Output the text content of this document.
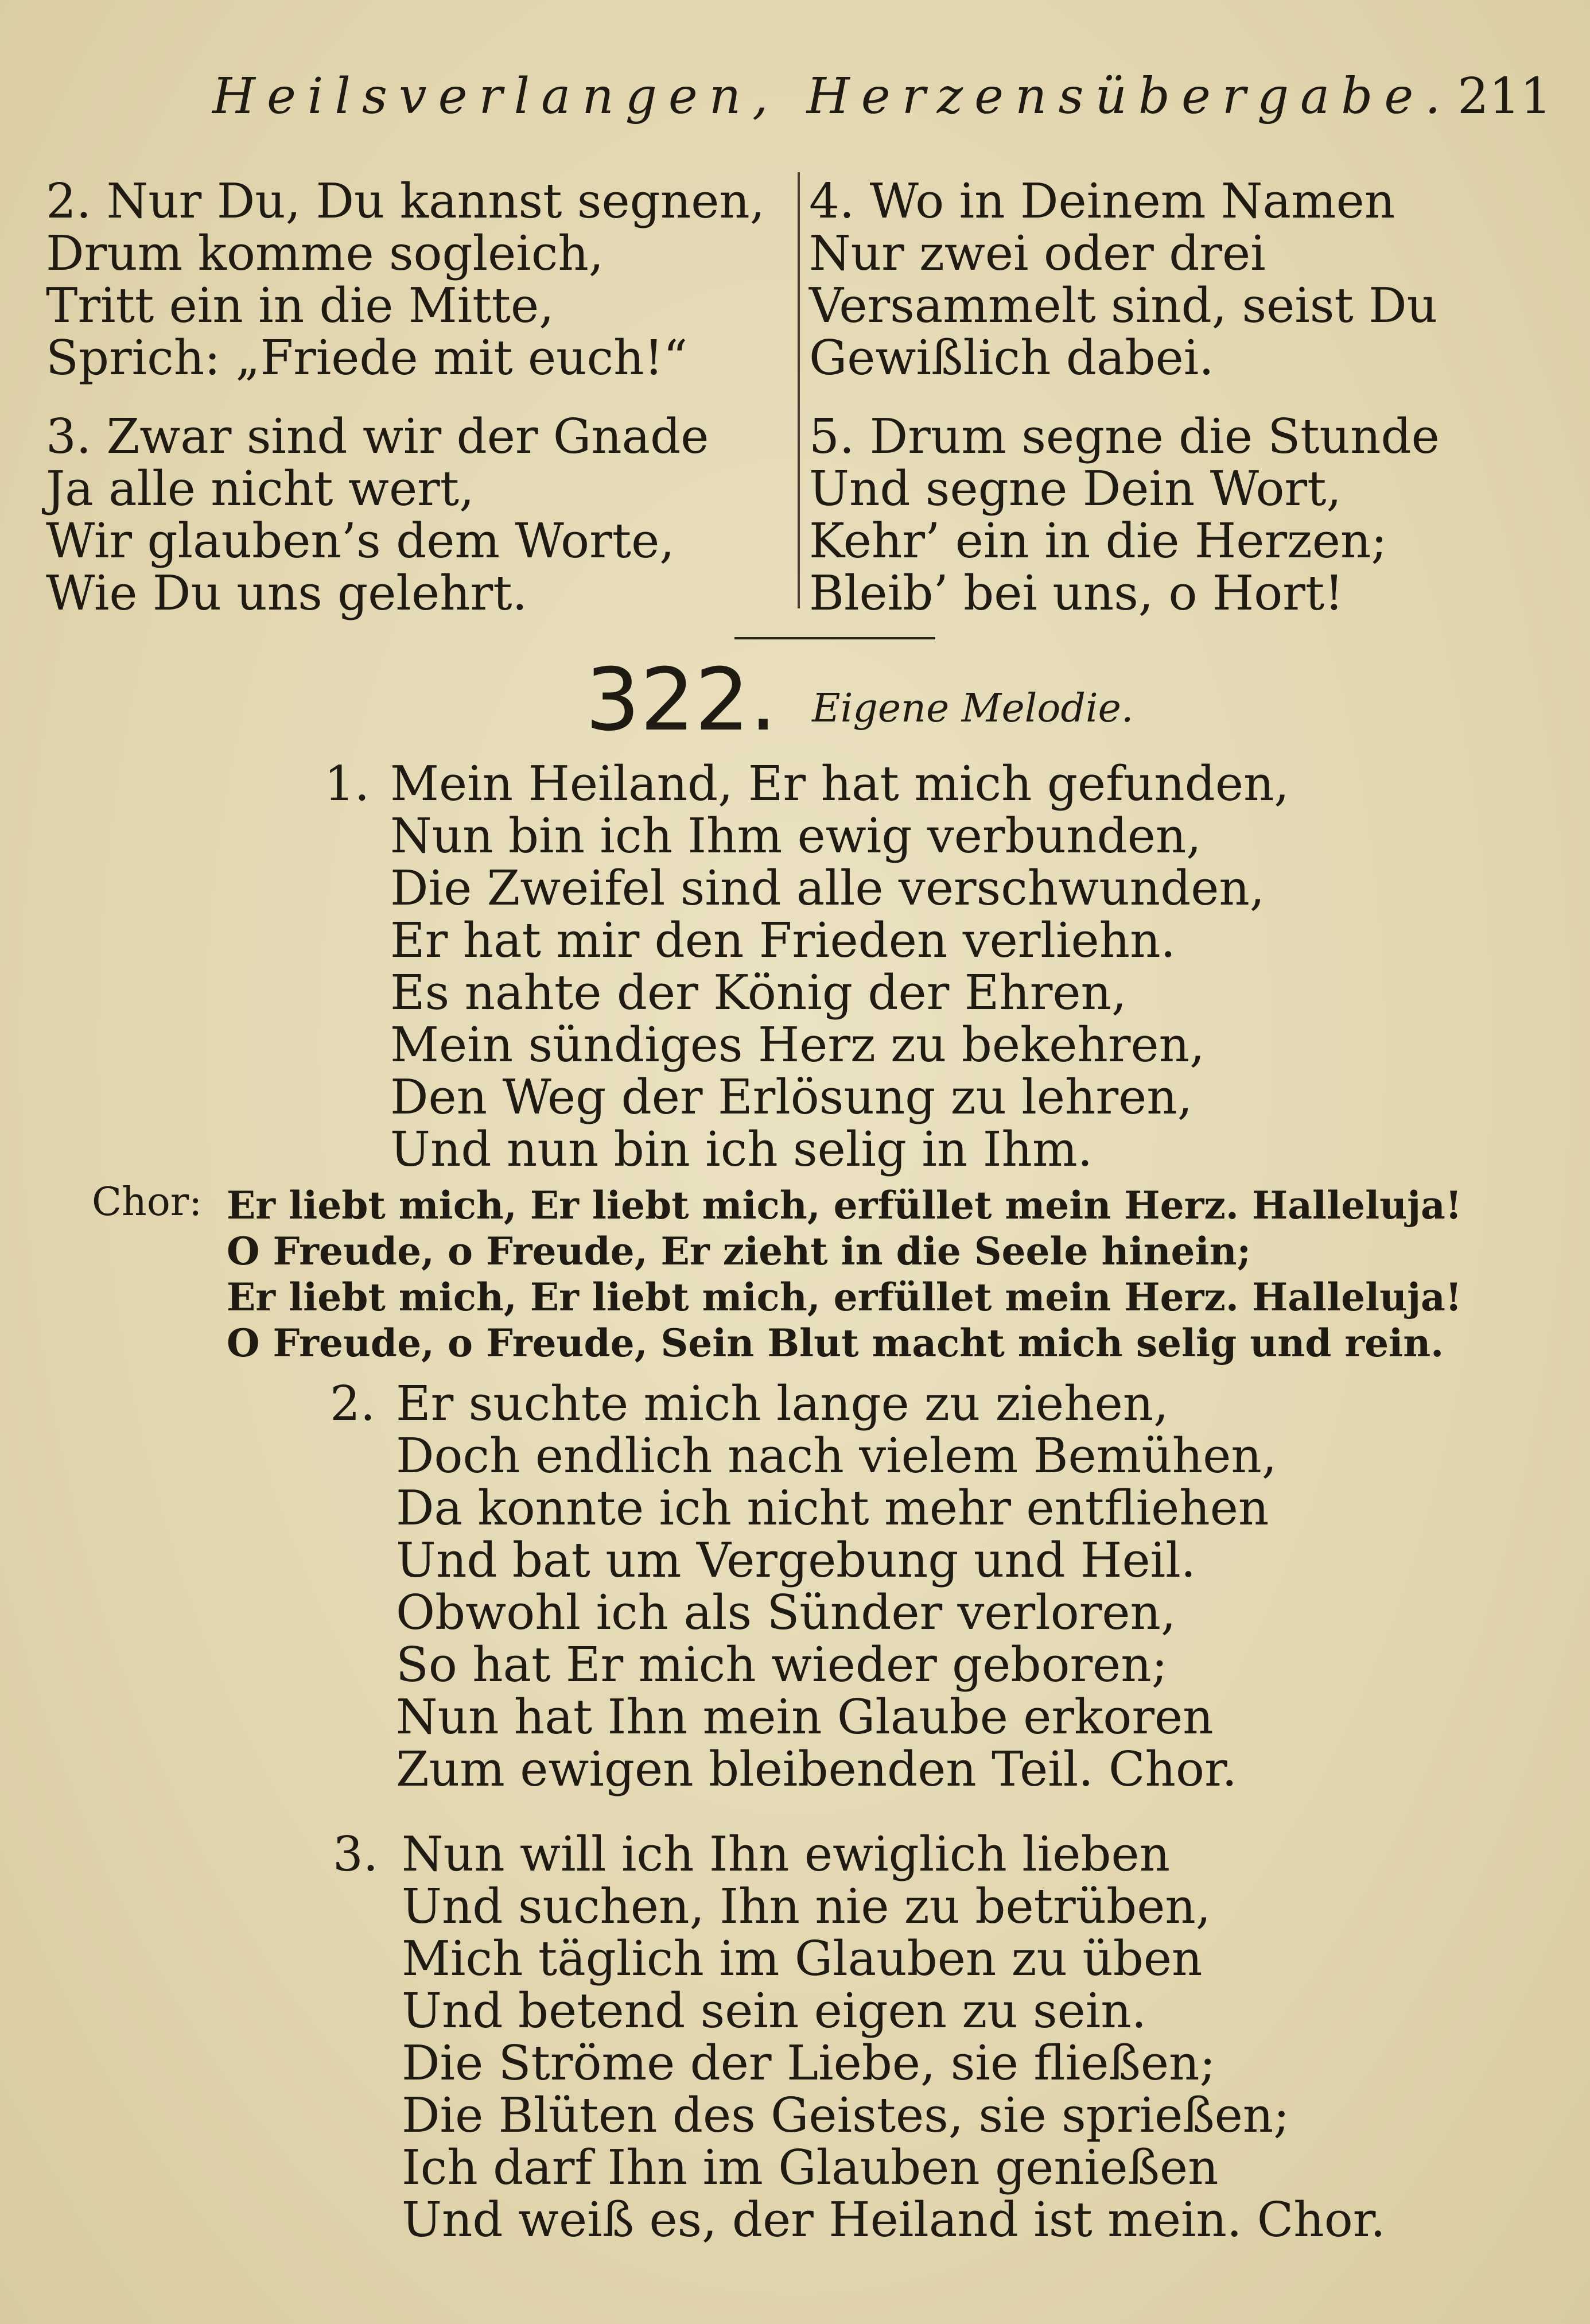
Heilsverlangen, Herzensübergabe. 211
2. Nur Du, Du kannst segnen,
Drum komme sogleich,
Tritt ein in die Mitte,
Sprich: „Friede mit euch!“
3. Zwar sind wir der Gnade
Ja alle nicht wert,
Wir glauben’s dem Worte,
Wie Du uns gelehrt.
4. Wo in Deinem Namen
Nur zwei oder drei
Versammelt sind, seist Du
Gewißlich dabei.
5. Drum segne die Stunde
Und segne Dein Wort,
Kehr’ ein in die Herzen;
Bleib’ bei uns, o Hort!
322. Eigene Melodie.
1. Mein Heiland, Er hat mich gefunden,
Nun bin ich Ihm ewig verbunden,
Die Zweifel sind alle verschwunden,
Er hat mir den Frieden verliehn.
Es nahte der König der Ehren,
Mein sündiges Herz zu bekehren,
Den Weg der Erlösung zu lehren,
Und nun bin ich selig in Ihm.
Chor: Er liebt mich, Er liebt mich, erfüllet mein Herz. Halleluja!
O Freude, o Freude, Er zieht in die Seele hinein;
Er liebt mich, Er liebt mich, erfüllet mein Herz. Halleluja!
O Freude, o Freude, Sein Blut macht mich selig und rein.
2. Er suchte mich lange zu ziehen,
Doch endlich nach vielem Bemühen,
Da konnte ich nicht mehr entfliehen
Und bat um Vergebung und Heil.
Obwohl ich als Sünder verloren,
So hat Er mich wieder geboren;
Nun hat Ihn mein Glaube erkoren
Zum ewigen bleibenden Teil. Chor.
3. Nun will ich Ihn ewiglich lieben
Und suchen, Ihn nie zu betrüben,
Mich täglich im Glauben zu üben
Und betend sein eigen zu sein.
Die Ströme der Liebe, sie fließen;
Die Blüten des Geistes, sie sprießen;
Ich darf Ihn im Glauben genießen
Und weiß es, der Heiland ist mein. Chor.
